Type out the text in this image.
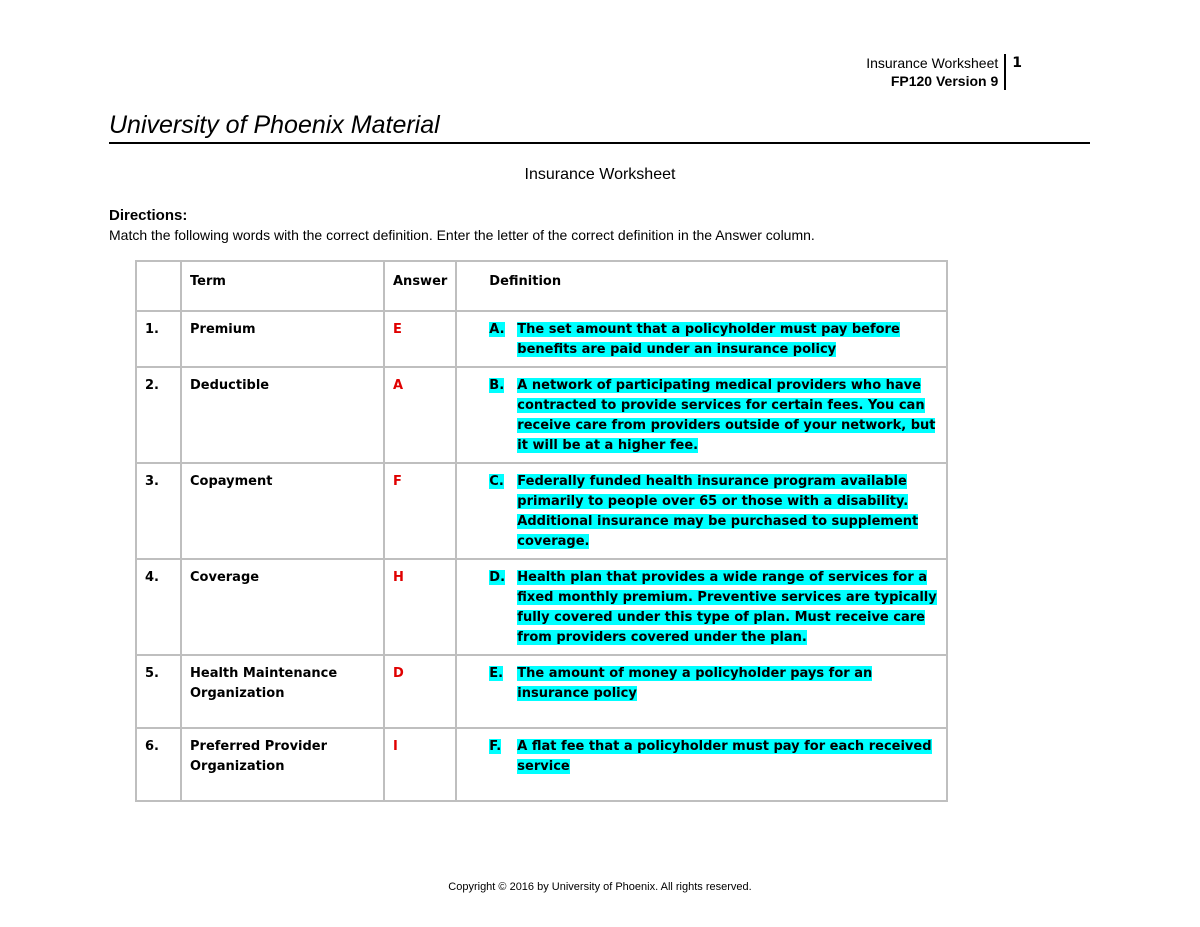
Insurance Worksheet
FP120 Version 9
1
University of Phoenix Material
Insurance Worksheet
Directions:
Match the following words with the correct definition. Enter the letter of the correct definition in the Answer column.
	Term	Answer	Definition

1.	Premium	E	A. The set amount that a policyholder must pay before benefits are paid under an insurance policy

2.	Deductible	A	B. A network of participating medical providers who have contracted to provide services for certain fees. You can receive care from providers outside of your network, but it will be at a higher fee.

3.	Copayment	F	C. Federally funded health insurance program available primarily to people over 65 or those with a disability. Additional insurance may be purchased to supplement coverage.

4.	Coverage	H	D. Health plan that provides a wide range of services for a fixed monthly premium. Preventive services are typically fully covered under this type of plan. Must receive care from providers covered under the plan.

5.	Health Maintenance Organization	D	E. The amount of money a policyholder pays for an insurance policy

6.	Preferred Provider Organization	I	F. A flat fee that a policyholder must pay for each received service
Copyright © 2016 by University of Phoenix. All rights reserved.
